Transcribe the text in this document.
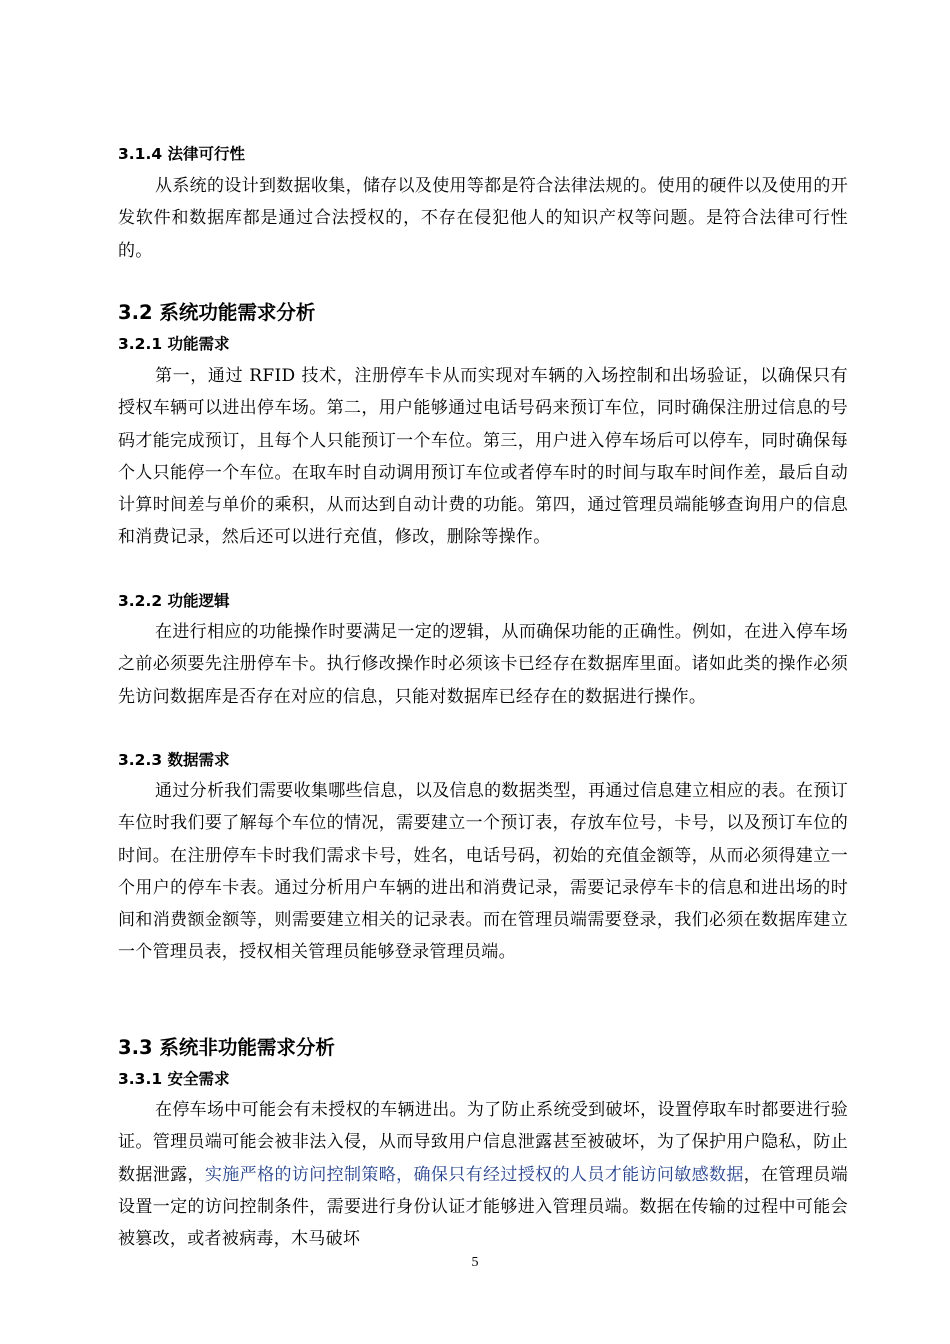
3.1.4 法律可行性

从系统的设计到数据收集，储存以及使用等都是符合法律法规的。使用的硬件以及使用的开发软件和数据库都是通过合法授权的，不存在侵犯他人的知识产权等问题。是符合法律可行性的。

3.2 系统功能需求分析
3.2.1 功能需求

第一，通过 RFID 技术，注册停车卡从而实现对车辆的入场控制和出场验证，以确保只有授权车辆可以进出停车场。第二，用户能够通过电话号码来预订车位，同时确保注册过信息的号码才能完成预订，且每个人只能预订一个车位。第三，用户进入停车场后可以停车，同时确保每个人只能停一个车位。在取车时自动调用预订车位或者停车时的时间与取车时间作差，最后自动计算时间差与单价的乘积，从而达到自动计费的功能。第四，通过管理员端能够查询用户的信息和消费记录，然后还可以进行充值，修改，删除等操作。

3.2.2 功能逻辑

在进行相应的功能操作时要满足一定的逻辑，从而确保功能的正确性。例如，在进入停车场之前必须要先注册停车卡。执行修改操作时必须该卡已经存在数据库里面。诸如此类的操作必须先访问数据库是否存在对应的信息，只能对数据库已经存在的数据进行操作。

3.2.3 数据需求

通过分析我们需要收集哪些信息，以及信息的数据类型，再通过信息建立相应的表。在预订车位时我们要了解每个车位的情况，需要建立一个预订表，存放车位号，卡号，以及预订车位的时间。在注册停车卡时我们需求卡号，姓名，电话号码，初始的充值金额等，从而必须得建立一个用户的停车卡表。通过分析用户车辆的进出和消费记录，需要记录停车卡的信息和进出场的时间和消费额金额等，则需要建立相关的记录表。而在管理员端需要登录，我们必须在数据库建立一个管理员表，授权相关管理员能够登录管理员端。

3.3 系统非功能需求分析
3.3.1 安全需求

在停车场中可能会有未授权的车辆进出。为了防止系统受到破坏，设置停取车时都要进行验证。管理员端可能会被非法入侵，从而导致用户信息泄露甚至被破坏，为了保护用户隐私，防止数据泄露，实施严格的访问控制策略，确保只有经过授权的人员才能访问敏感数据，在管理员端设置一定的访问控制条件，需要进行身份认证才能够进入管理员端。数据在传输的过程中可能会被篡改，或者被病毒，木马破坏

5
